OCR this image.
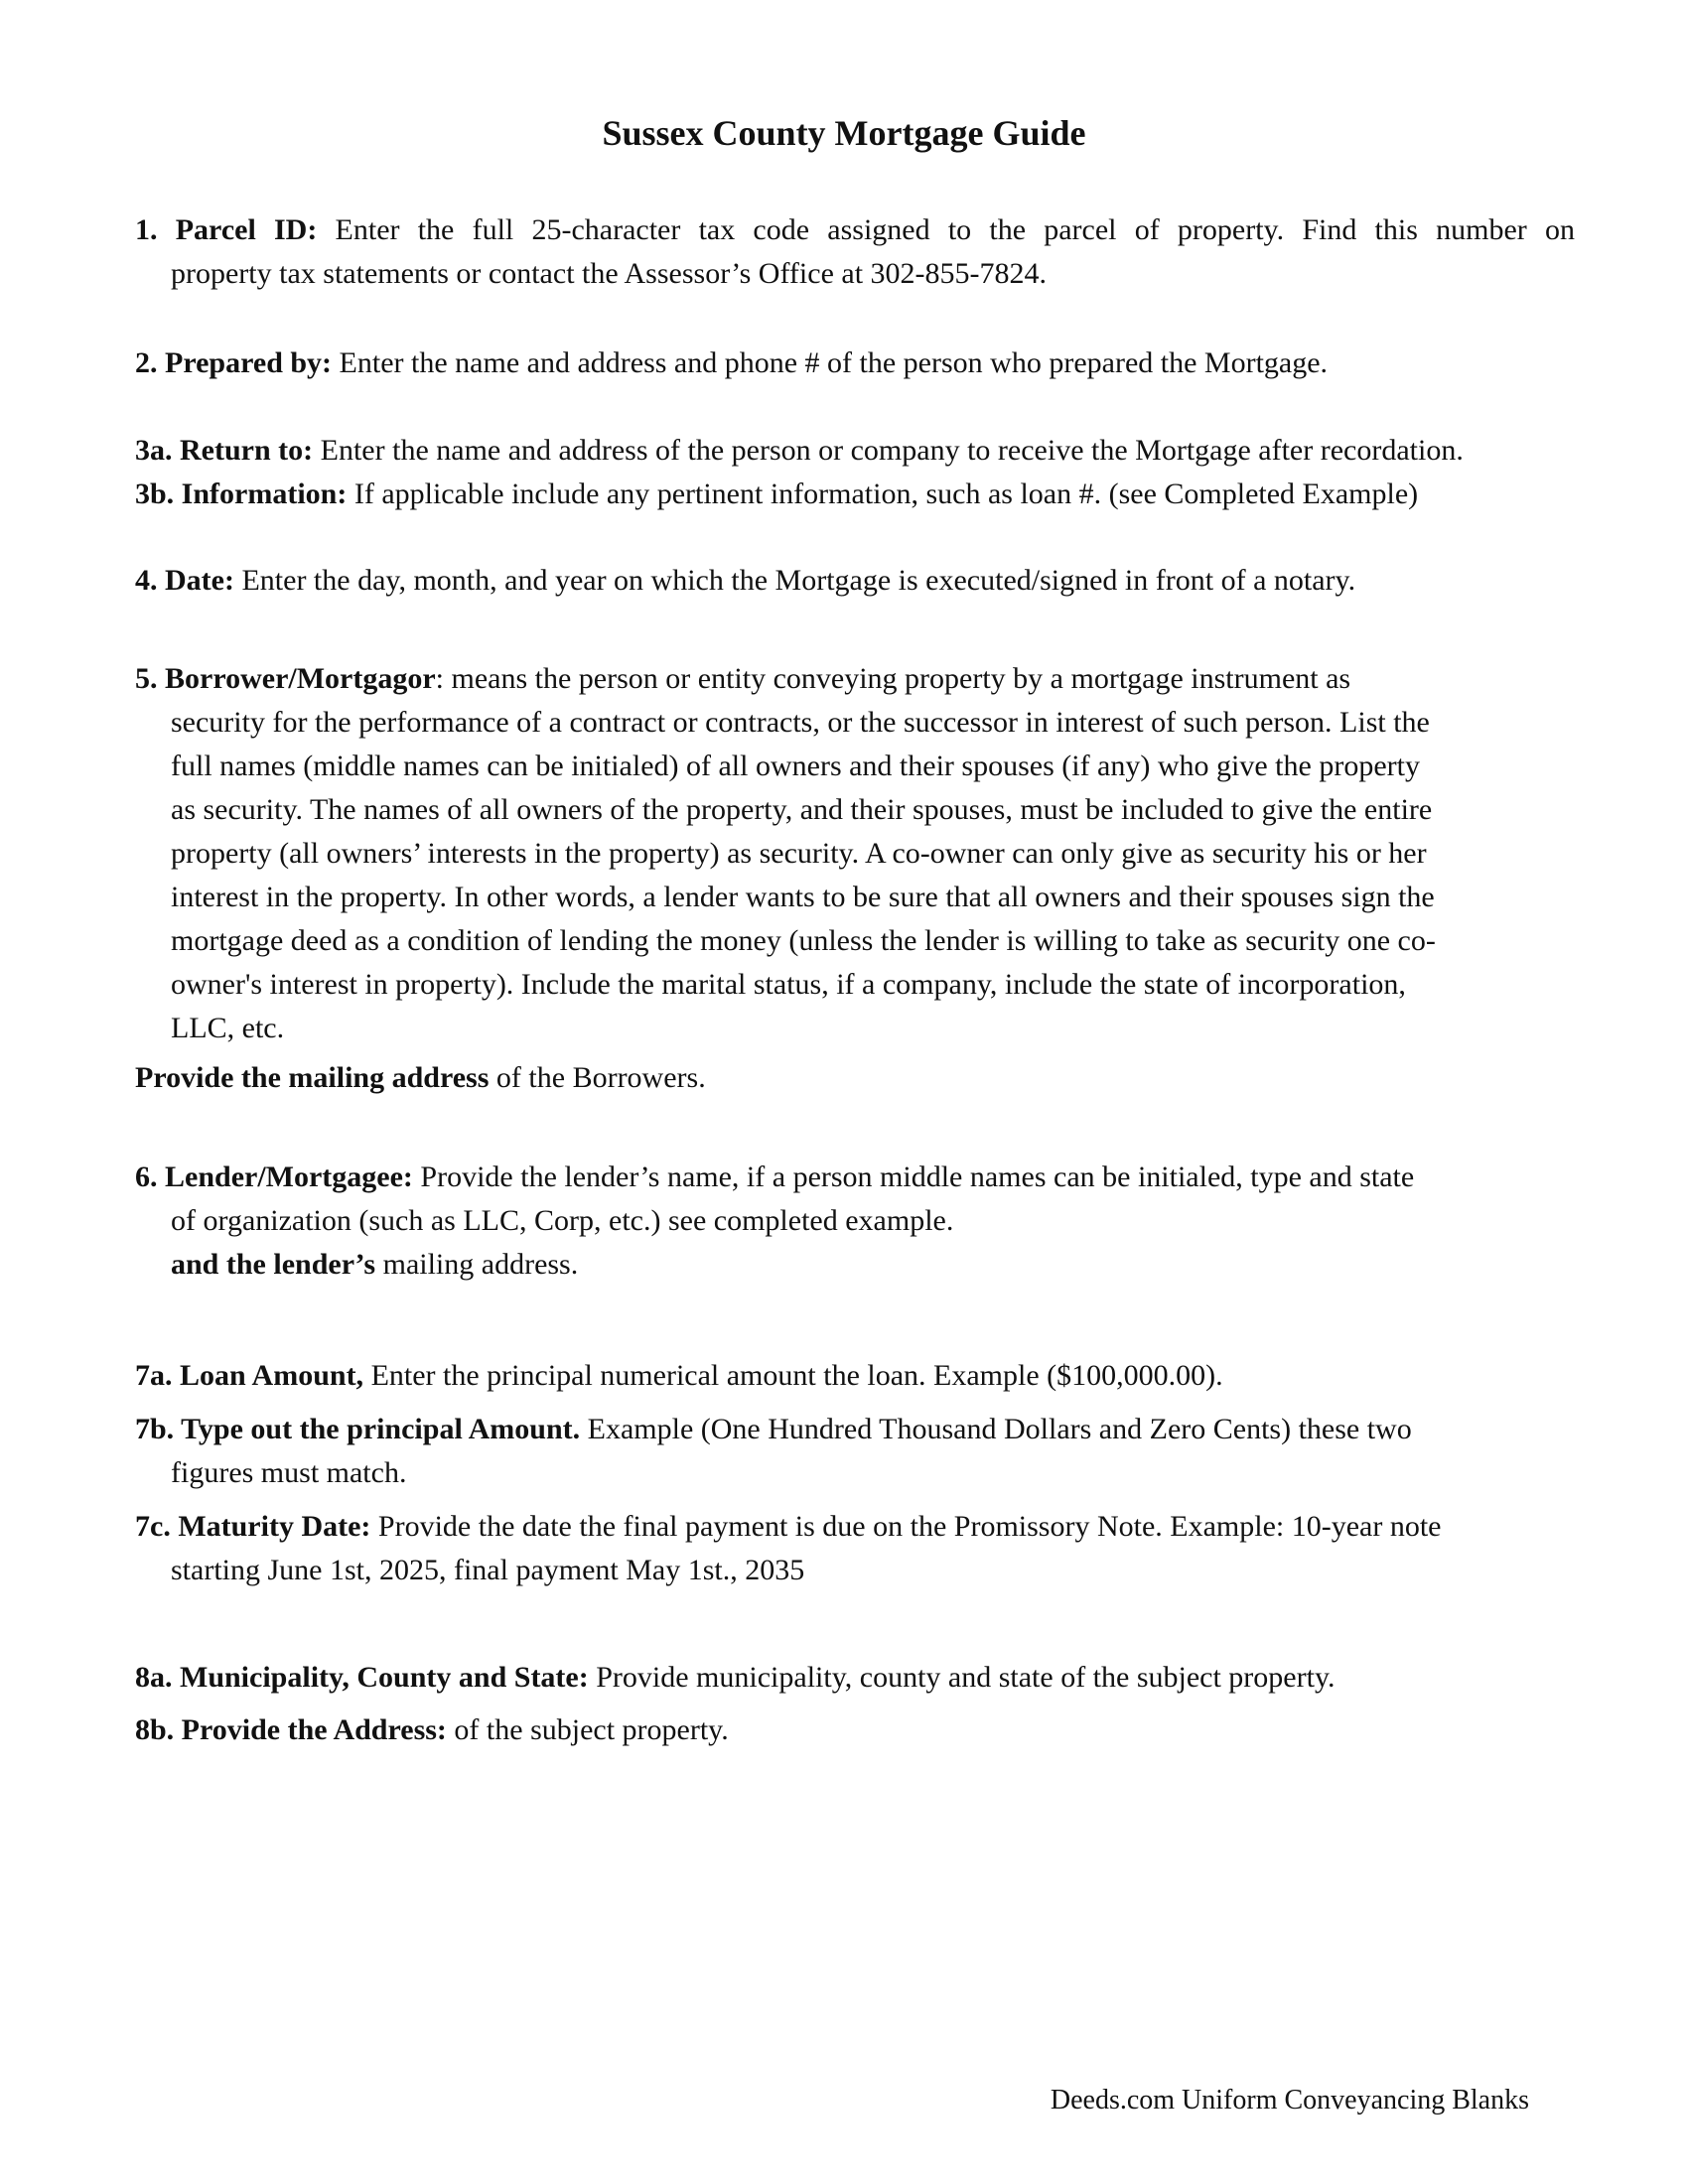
Sussex County Mortgage Guide
1. Parcel ID: Enter the full 25-character tax code assigned to the parcel of property. Find this number on
property tax statements or contact the Assessor’s Office at 302-855-7824.
2. Prepared by: Enter the name and address and phone # of the person who prepared the Mortgage.
3a. Return to: Enter the name and address of the person or company to receive the Mortgage after recordation.
3b. Information: If applicable include any pertinent information, such as loan #. (see Completed Example)
4. Date: Enter the day, month, and year on which the Mortgage is executed/signed in front of a notary.
5. Borrower/Mortgagor: means the person or entity conveying property by a mortgage instrument as
security for the performance of a contract or contracts, or the successor in interest of such person. List the
full names (middle names can be initialed) of all owners and their spouses (if any) who give the property
as security. The names of all owners of the property, and their spouses, must be included to give the entire
property (all owners’ interests in the property) as security. A co-owner can only give as security his or her
interest in the property. In other words, a lender wants to be sure that all owners and their spouses sign the
mortgage deed as a condition of lending the money (unless the lender is willing to take as security one co-
owner's interest in property). Include the marital status, if a company, include the state of incorporation,
LLC, etc.
Provide the mailing address of the Borrowers.
6. Lender/Mortgagee: Provide the lender’s name, if a person middle names can be initialed, type and state
of organization (such as LLC, Corp, etc.) see completed example.
and the lender’s mailing address.
7a. Loan Amount, Enter the principal numerical amount the loan. Example ($100,000.00).
7b. Type out the principal Amount. Example (One Hundred Thousand Dollars and Zero Cents) these two
figures must match.
7c. Maturity Date: Provide the date the final payment is due on the Promissory Note. Example: 10-year note
starting June 1st, 2025, final payment May 1st., 2035
8a. Municipality, County and State: Provide municipality, county and state of the subject property.
8b. Provide the Address: of the subject property.
Deeds.com Uniform Conveyancing Blanks
